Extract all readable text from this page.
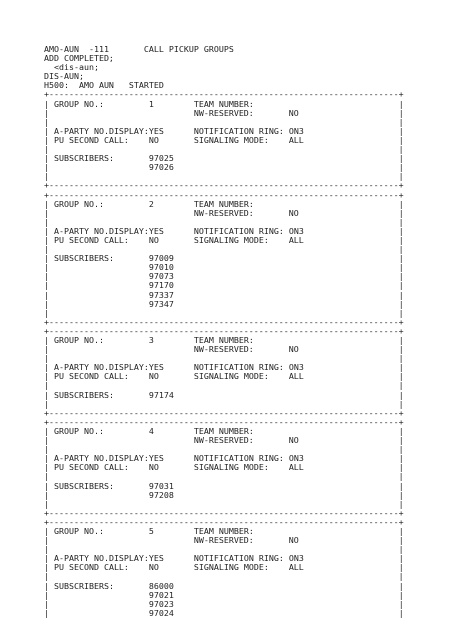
AMO-AUN  -111       CALL PICKUP GROUPS
ADD COMPLETED;
<dis-aun;
DIS-AUN;
H500:  AMO AUN   STARTED
+----------------------------------------------------------------------+
| GROUP NO.:	1	TEAM NUMBER:	|
|                             NW-RESERVED:	NO	|
|                                                                      |
| A-PARTY NO.DISPLAY:YES	NOTIFICATION RING: ON3	|
| PU SECOND CALL: NO	SIGNALING MODE: ALL	|
|                                                                      |
| SUBSCRIBERS:	97025	|
|	97026	|
|                                                                      |
+----------------------------------------------------------------------+
+----------------------------------------------------------------------+
| GROUP NO.:	2	TEAM NUMBER:	|
|                             NW-RESERVED:	NO	|
|                                                                      |
| A-PARTY NO.DISPLAY:YES	NOTIFICATION RING: ON3	|
| PU SECOND CALL: NO	SIGNALING MODE: ALL	|
|                                                                      |
| SUBSCRIBERS:	97009	|
|	97010	|
|	97073	|
|	97170	|
|	97337	|
|	97347	|
|                                                                      |
+----------------------------------------------------------------------+
+----------------------------------------------------------------------+
| GROUP NO.:	3	TEAM NUMBER:	|
|                             NW-RESERVED:	NO	|
|                                                                      |
| A-PARTY NO.DISPLAY:YES	NOTIFICATION RING: ON3	|
| PU SECOND CALL: NO	SIGNALING MODE: ALL	|
|                                                                      |
| SUBSCRIBERS:	97174	|
|                                                                      |
+----------------------------------------------------------------------+
+----------------------------------------------------------------------+
| GROUP NO.:	4	TEAM NUMBER:	|
|                             NW-RESERVED:	NO	|
|                                                                      |
| A-PARTY NO.DISPLAY:YES	NOTIFICATION RING: ON3	|
| PU SECOND CALL: NO	SIGNALING MODE: ALL	|
|                                                                      |
| SUBSCRIBERS:	97031	|
|	97208	|
|                                                                      |
+----------------------------------------------------------------------+
+----------------------------------------------------------------------+
| GROUP NO.:	5	TEAM NUMBER:	|
|                             NW-RESERVED:	NO	|
|                                                                      |
| A-PARTY NO.DISPLAY:YES	NOTIFICATION RING: ON3	|
| PU SECOND CALL: NO	SIGNALING MODE: ALL	|
|                                                                      |
| SUBSCRIBERS:	86000	|
|	97021	|
|	97023	|
|	97024	|
